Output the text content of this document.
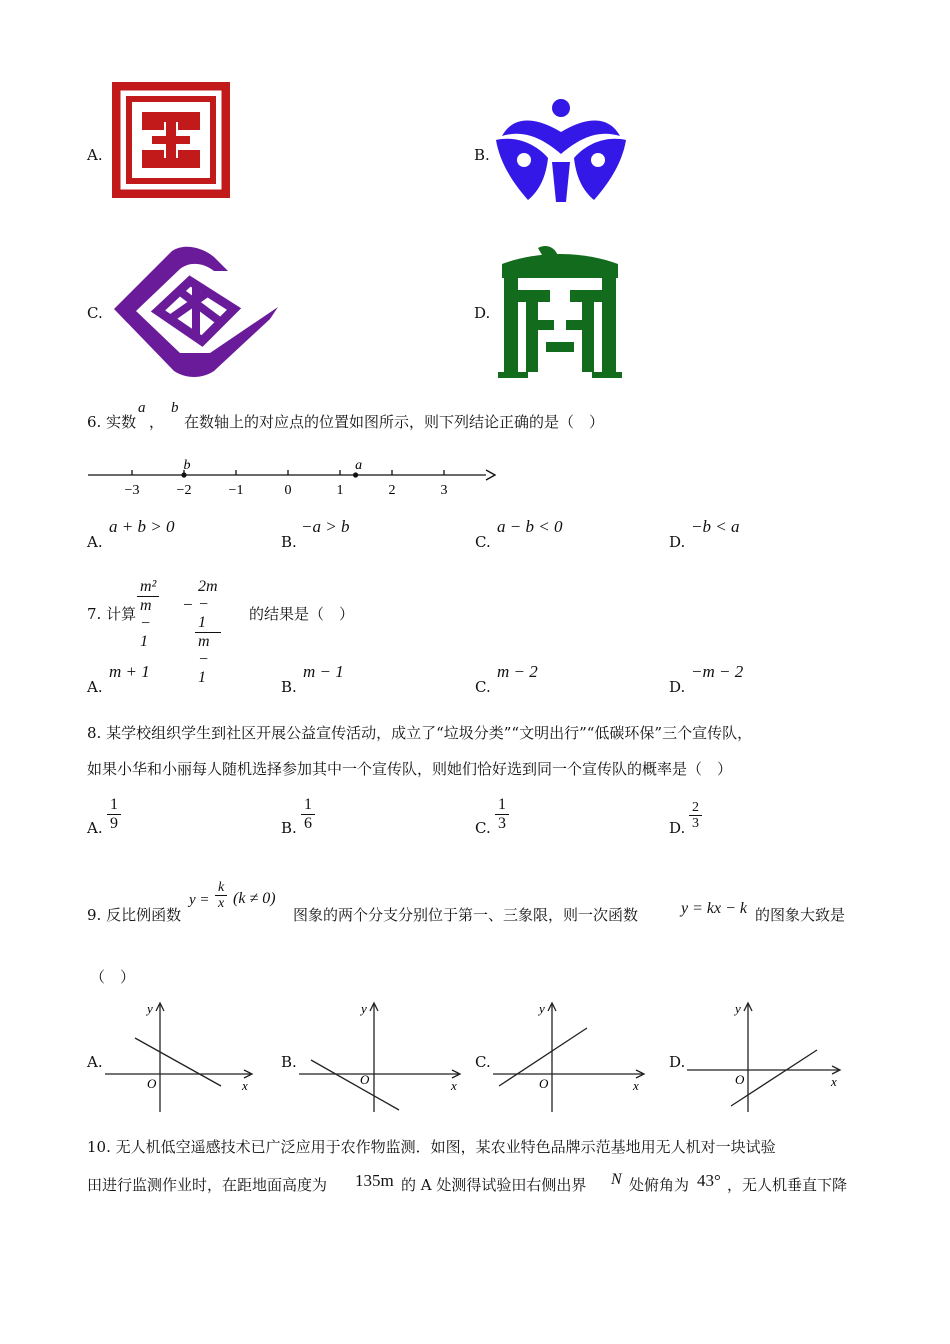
A.	B.
C.	D.
6. 实数
a
，
b
在数轴上的对应点的位置如图所示，则下列结论正确的是（　）
−3	−2	−1	0	1	2	3
b	a
A.
a + b > 0
B.
−a > b
C.
a − b < 0
D.
−b < a
7. 计算 $\frac{\text{m²}}{m - 1} - \frac{2m - 1}{m - 1}$ 的结果是（　）
A.
m + 1
B.
m − 1
C.
m − 2
D.
−m − 2
8. 某学校组织学生到社区开展公益宣传活动，成立了“垃圾分类”“文明出行”“低碳环保”三个宣传队，
如果小华和小丽每人随机选择参加其中一个宣传队，则她们恰好选到同一个宣传队的概率是（　）
A. $\frac{1}{9}$	B. $\frac{1}{6}$	C. $\frac{1}{3}$	D. $\frac{2}{3}$
9. 反比例函数
$y = \frac{k}{x} (k \ne 0)$
图象的两个分支分别位于第一、三象限，则一次函数	y = kx − k 的图象大致是
（　）
A.
x
y
O
B.
x
y
O
C.
x
y
O
D.
x
y
O
10. 无人机低空遥感技术已广泛应用于农作物监测．如图，某农业特色品牌示范基地用无人机对一块试验
田进行监测作业时，在距地面高度为 135m 的 A 处测得试验田右侧出界 N 处俯角为 43° ，无人机垂直下降
